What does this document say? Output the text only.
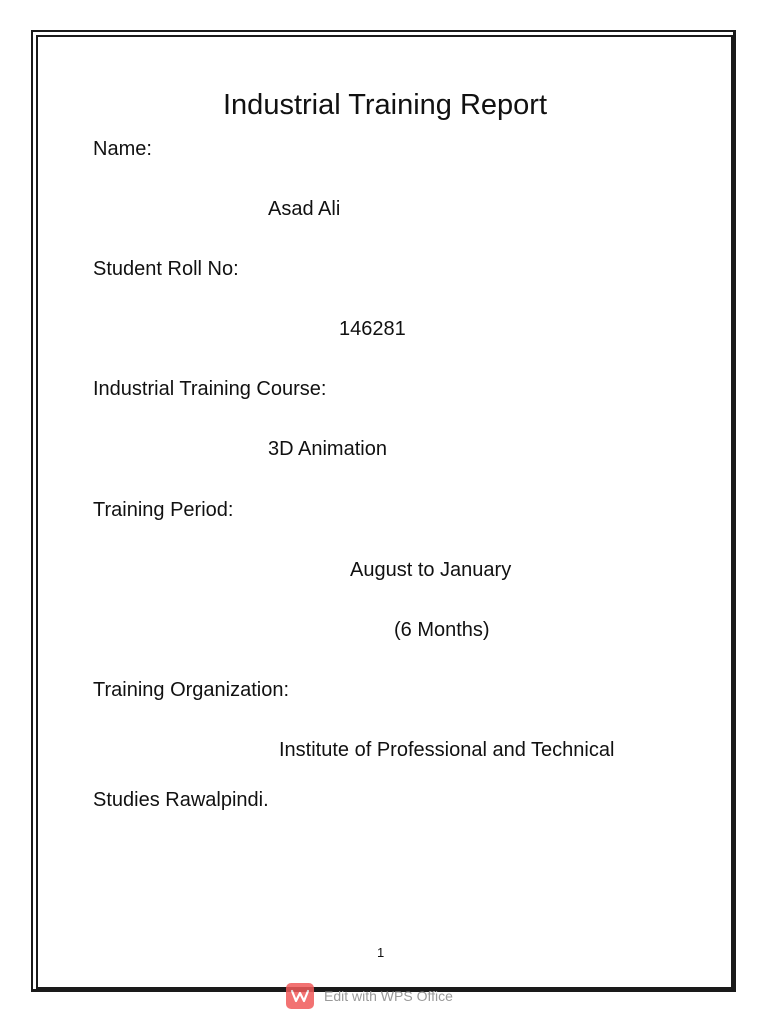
Industrial Training Report
Name:
Asad Ali
Student Roll No:
146281
Industrial Training Course:
3D Animation
Training Period:
August to January
(6 Months)
Training Organization:
Institute of Professional and Technical
Studies Rawalpindi.
1
Edit with WPS Office
